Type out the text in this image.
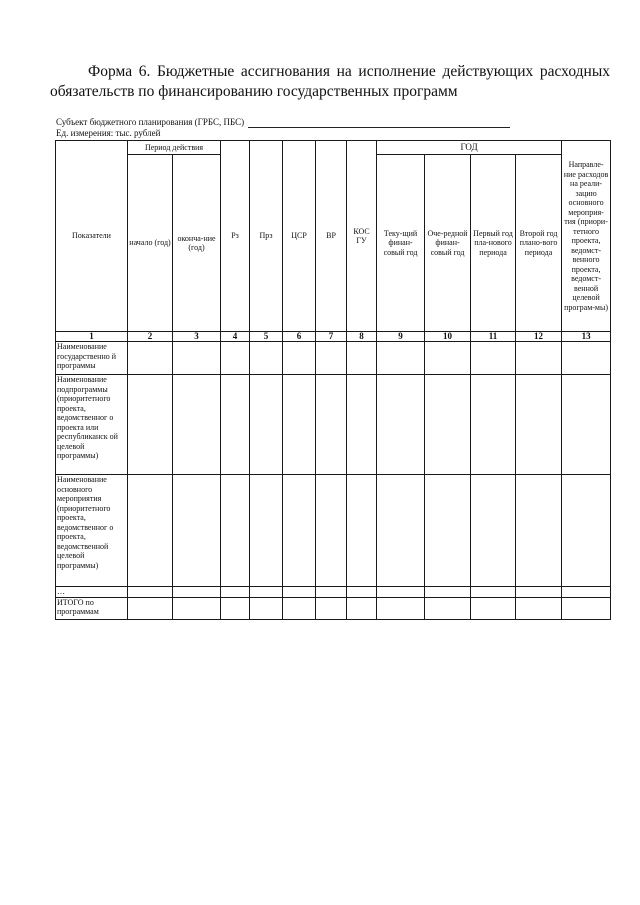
Форма 6. Бюджетные ассигнования на исполнение действующих расходных
обязательств по финансированию государственных программ
Субъект бюджетного планирования (ГРБС, ПБС)
Ед. измерения: тыс. рублей
Показатели	Период действия		Рз	Прз	ЦСР	ВР	КОС ГУ	ГОД				Направле-ние расходов на реали-зацию основного мероприя-тия (приори-тетного проекта, ведомст-венного проекта, ведомст-венной целевой програм-мы)
	начало (год)	оконча-ние (год)						Теку-щий финан-совый год	Оче-редной финан-совый год	Первый год пла-нового периода	Второй год плано-вого периода	
1	2	3	4	5	6	7	8	9	10	11	12	13
Наименование государственно й программы												
Наименование подпрограммы (приоритетного проекта, ведомственног о проекта или республиканск ой целевой программы)												
Наименование основного мероприятия (приоритетного проекта, ведомственног о проекта, ведомственной целевой программы)												
…												
ИТОГО по программам												
